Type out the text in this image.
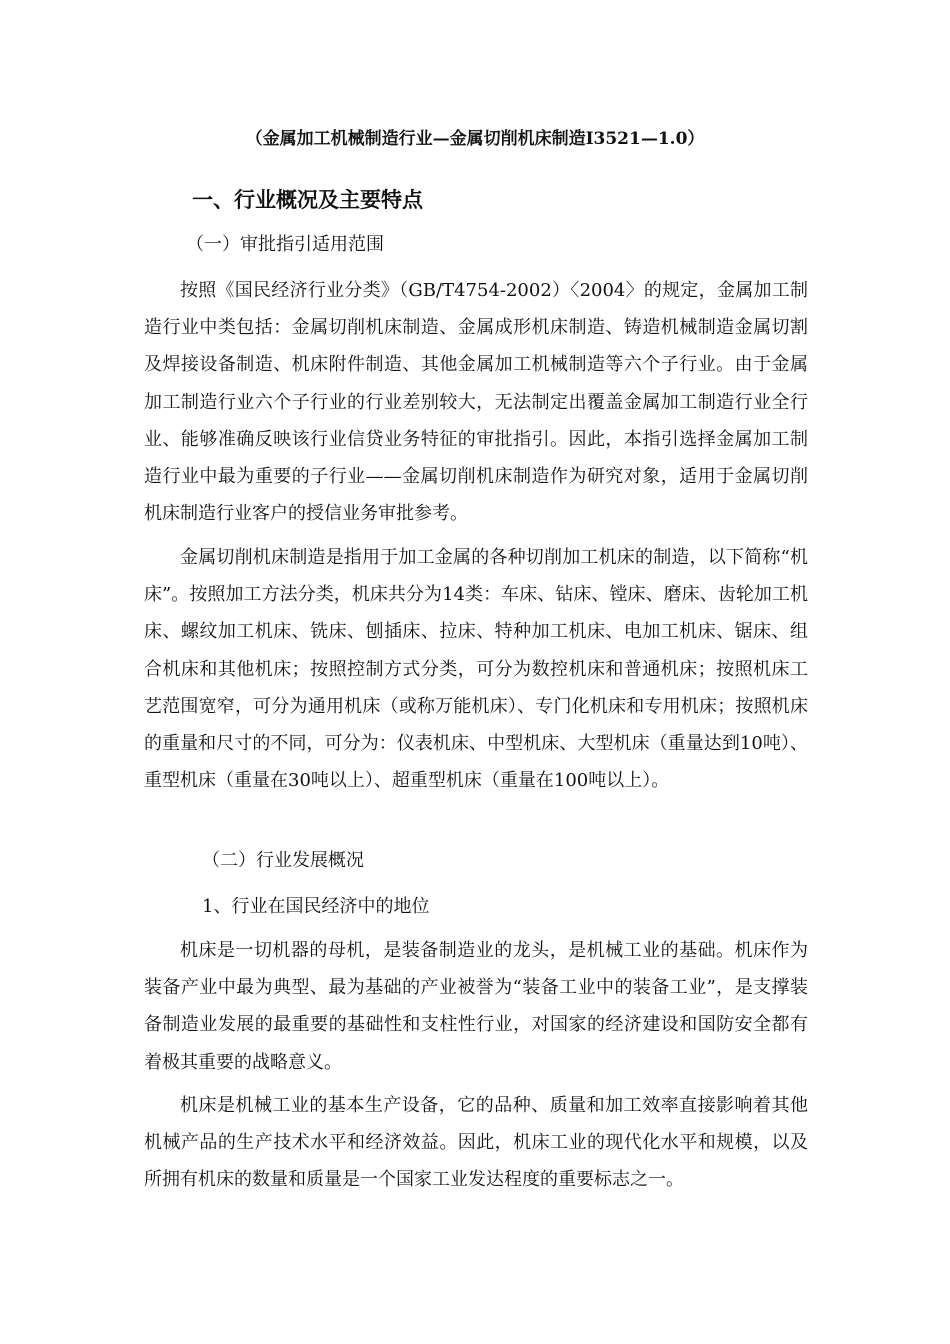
（金属加工机械制造行业—金属切削机床制造I3521—1.0）
一、行业概况及主要特点
（一）审批指引适用范围

按照《国民经济行业分类》（GB/T4754-2002）〈2004〉的规定，金属加工制造行业中类包括：金属切削机床制造、金属成形机床制造、铸造机械制造金属切割及焊接设备制造、机床附件制造、其他金属加工机械制造等六个子行业。由于金属加工制造行业六个子行业的行业差别较大，无法制定出覆盖金属加工制造行业全行业、能够准确反映该行业信贷业务特征的审批指引。因此，本指引选择金属加工制造行业中最为重要的子行业——金属切削机床制造作为研究对象，适用于金属切削机床制造行业客户的授信业务审批参考。

金属切削机床制造是指用于加工金属的各种切削加工机床的制造，以下简称“机床”。按照加工方法分类，机床共分为14类：车床、钻床、镗床、磨床、齿轮加工机床、螺纹加工机床、铣床、刨插床、拉床、特种加工机床、电加工机床、锯床、组合机床和其他机床；按照控制方式分类，可分为数控机床和普通机床；按照机床工艺范围宽窄，可分为通用机床（或称万能机床）、专门化机床和专用机床；按照机床的重量和尺寸的不同，可分为：仪表机床、中型机床、大型机床（重量达到10吨）、重型机床（重量在30吨以上）、超重型机床（重量在100吨以上）。

（二）行业发展概况
1、行业在国民经济中的地位

机床是一切机器的母机，是装备制造业的龙头，是机械工业的基础。机床作为装备产业中最为典型、最为基础的产业被誉为“装备工业中的装备工业”，是支撑装备制造业发展的最重要的基础性和支柱性行业，对国家的经济建设和国防安全都有着极其重要的战略意义。

机床是机械工业的基本生产设备，它的品种、质量和加工效率直接影响着其他机械产品的生产技术水平和经济效益。因此，机床工业的现代化水平和规模，以及所拥有机床的数量和质量是一个国家工业发达程度的重要标志之一。
